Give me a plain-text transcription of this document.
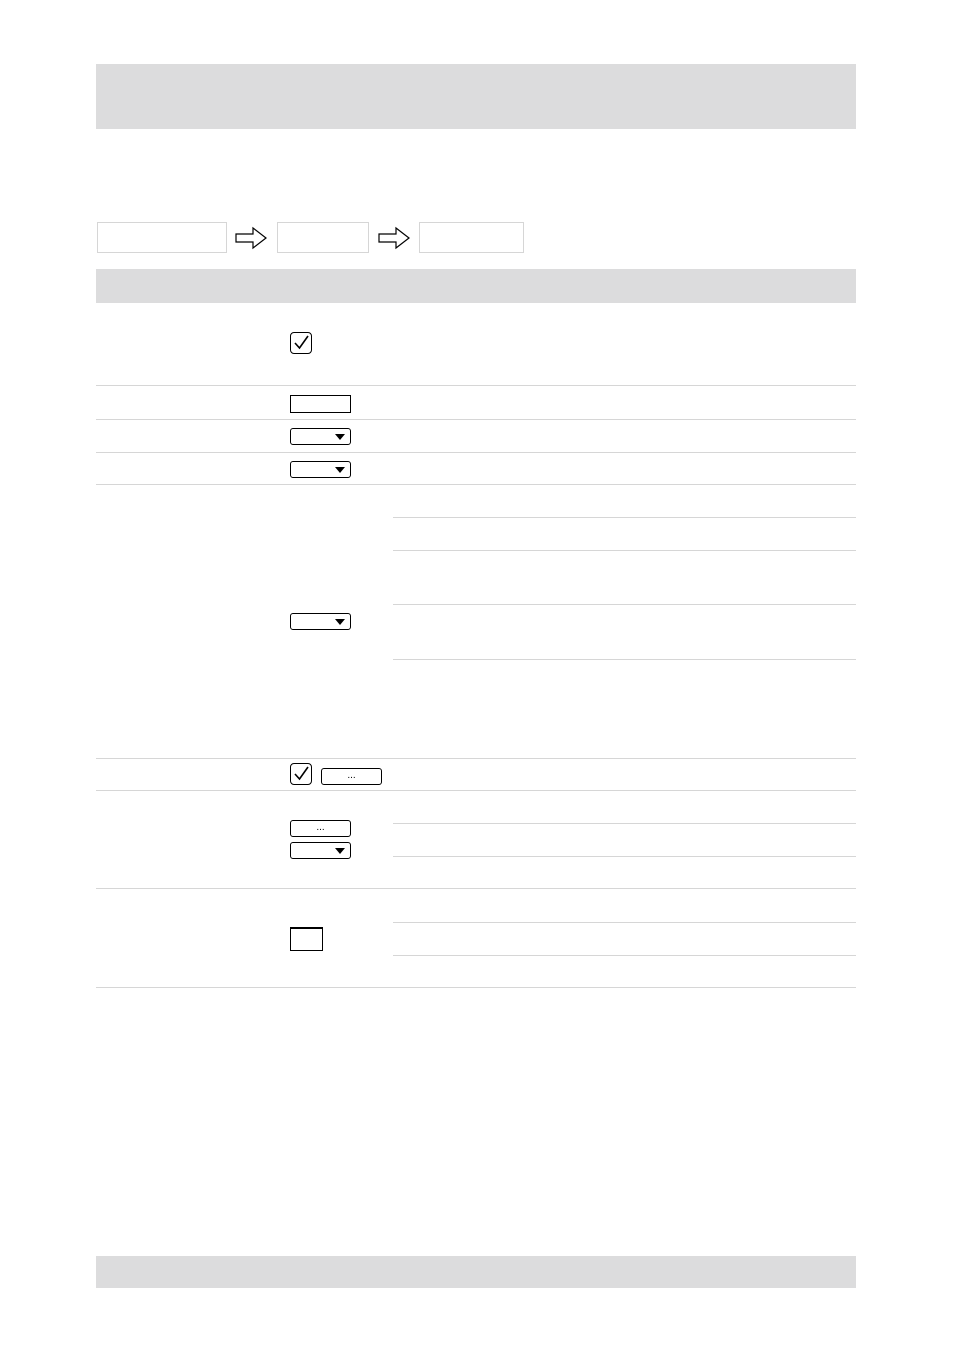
...
...
